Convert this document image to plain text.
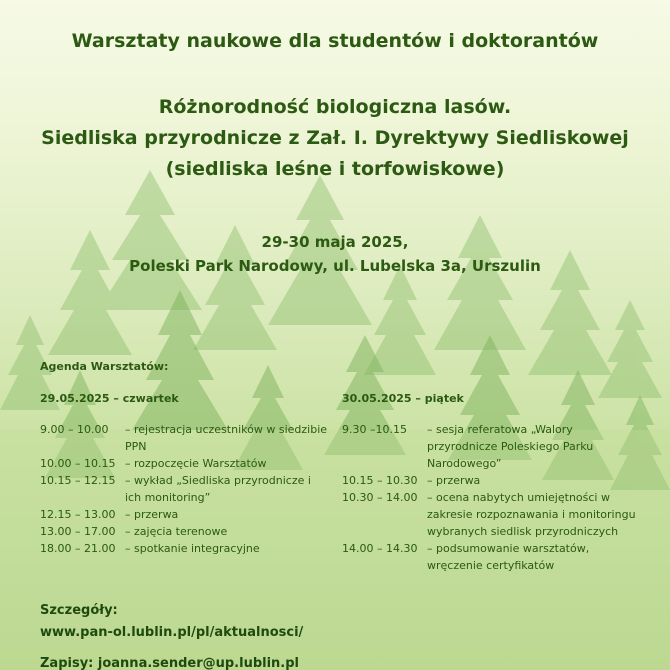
Warsztaty naukowe dla studentów i doktorantów
Różnorodność biologiczna lasów.
Siedliska przyrodnicze z Zał. I. Dyrektywy Siedliskowej
(siedliska leśne i torfowiskowe)
29-30 maja 2025,
Poleski Park Narodowy, ul. Lubelska 3a, Urszulin
Agenda Warsztatów:
29.05.2025 – czwartek
9.00 – 10.00	– rejestracja uczestników w siedzibie PPN
10.00 – 10.15 – rozpoczęcie Warsztatów
10.15 – 12.15 – wykład „Siedliska przyrodnicze i ich monitoring”
12.15 – 13.00 – przerwa
13.00 – 17.00 – zajęcia terenowe
18.00 – 21.00 – spotkanie integracyjne
30.05.2025 – piątek
9.30 –10.15	– sesja referatowa „Walory przyrodnicze Poleskiego Parku Narodowego”
10.15 – 10.30 – przerwa
10.30 – 14.00 – ocena nabytych umiejętności w zakresie rozpoznawania i monitoringu wybranych siedlisk przyrodniczych
14.00 – 14.30 – podsumowanie warsztatów, wręczenie certyfikatów
Szczegóły:
www.pan-ol.lublin.pl/pl/aktualnosci/
Zapisy: joanna.sender@up.lublin.pl
